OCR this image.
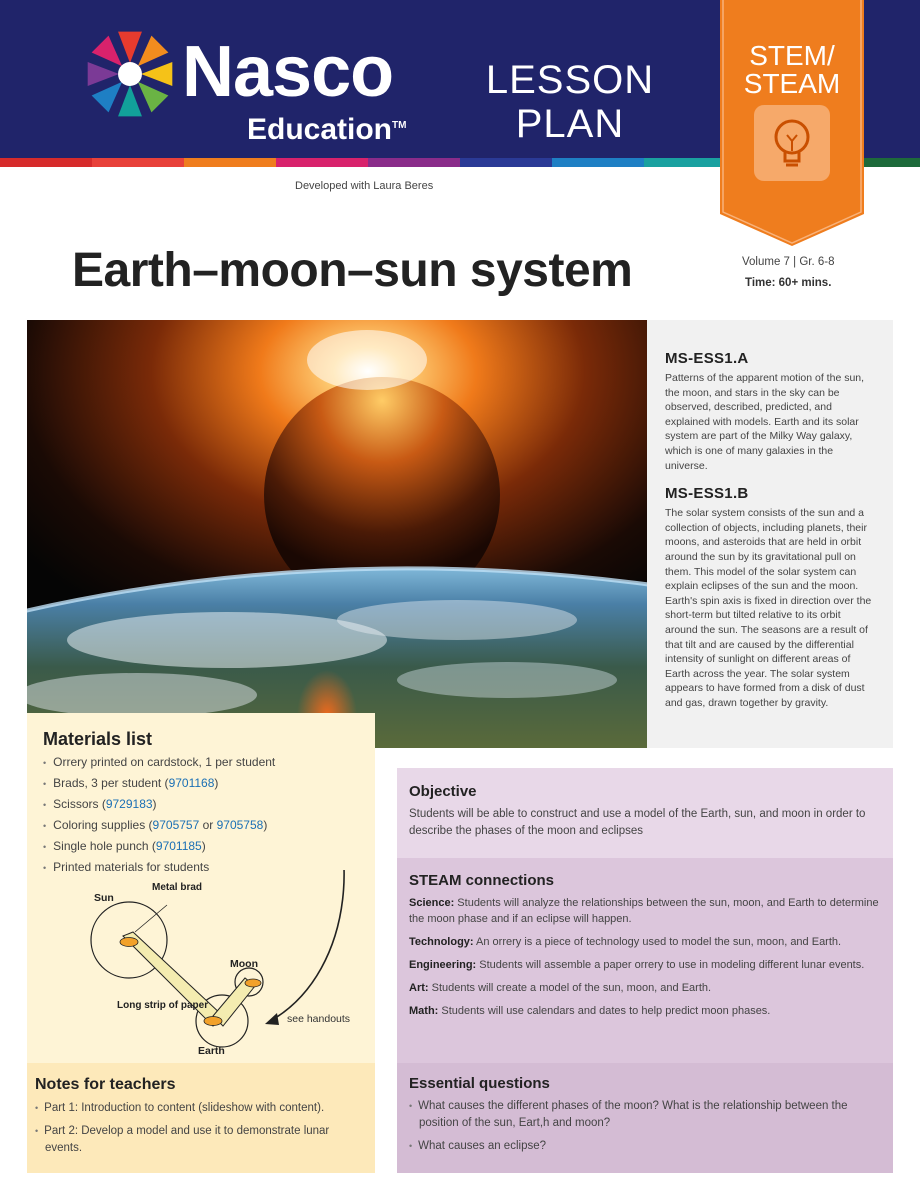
Nasco
Education™
LESSON
PLAN
STEM/
STEAM
Developed with Laura Beres
Earth–moon–sun system	Volume 7 | Gr. 6-8
Time: 60+ mins.
MS-ESS1.A

Patterns of the apparent motion of the sun, the moon, and stars in the sky can be observed, described, predicted, and explained with models. Earth and its solar system are part of the Milky Way galaxy, which is one of many galaxies in the universe.

MS-ESS1.B

The solar system consists of the sun and a collection of objects, including planets, their moons, and asteroids that are held in orbit around the sun by its gravitational pull on them. This model of the solar system can explain eclipses of the sun and the moon. Earth's spin axis is fixed in direction over the short-term but tilted relative to its orbit around the sun. The seasons are a result of that tilt and are caused by the differential intensity of sunlight on different areas of Earth across the year. The solar system appears to have formed from a disk of dust and gas, drawn together by gravity.

Materials list
• Orrery printed on cardstock, 1 per student
• Brads, 3 per student (9701168)
• Scissors (9729183)
• Coloring supplies (9705757 or 9705758)
• Single hole punch (9701185)
• Printed materials for students
Sun
Metal brad
Moon
Long strip of paper
Earth
see handouts
Notes for teachers
• Part 1: Introduction to content (slideshow with content).
• Part 2: Develop a model and use it to demonstrate lunar events.
Objective

Students will be able to construct and use a model of the Earth, sun, and moon in order to describe the phases of the moon and eclipses

STEAM connections

Science: Students will analyze the relationships between the sun, moon, and Earth to determine the moon phase and if an eclipse will happen.

Technology: An orrery is a piece of technology used to model the sun, moon, and Earth.

Engineering: Students will assemble a paper orrery to use in modeling different lunar events.

Art: Students will create a model of the sun, moon, and Earth.

Math: Students will use calendars and dates to help predict moon phases.

Essential questions
• What causes the different phases of the moon? What is the relationship between the position of the sun, Eart,h and moon?
• What causes an eclipse?
